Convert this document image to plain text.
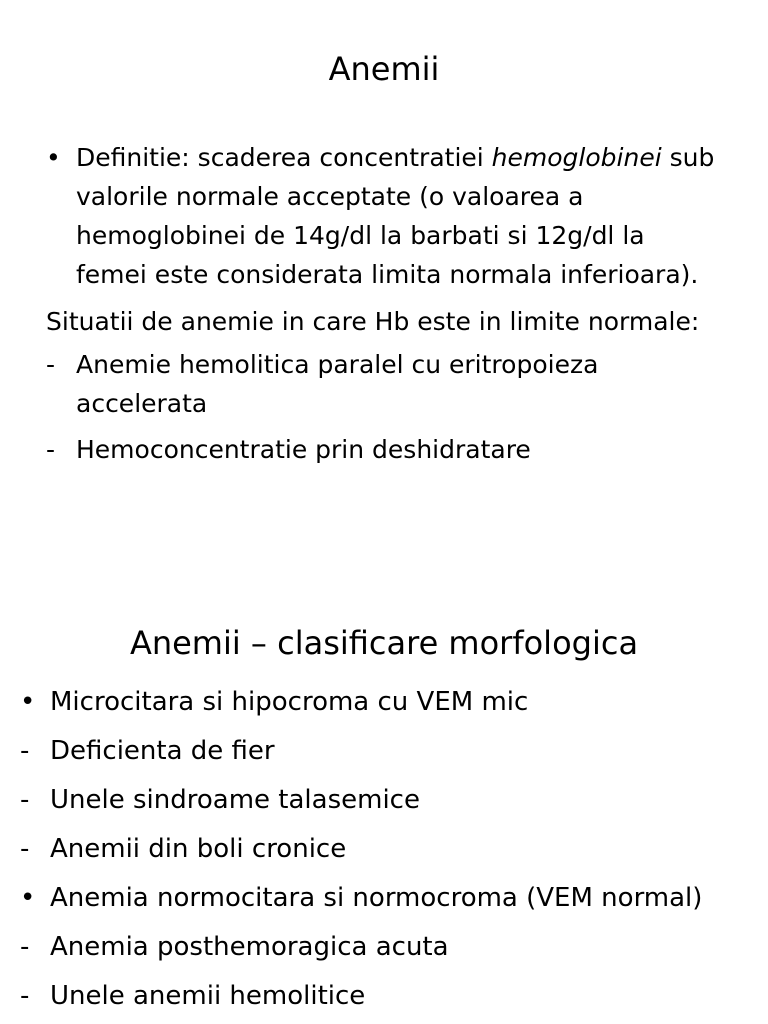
Anemii
• Definitie: scaderea concentratiei hemoglobinei sub
valorile normale acceptate (o valoarea a
hemoglobinei de 14g/dl la barbati si 12g/dl la
femei este considerata limita normala inferioara).
Situatii de anemie in care Hb este in limite normale:
- Anemie hemolitica paralel cu eritropoieza
accelerata
- Hemoconcentratie prin deshidratare
Anemii – clasificare morfologica
• Microcitara si hipocroma cu VEM mic
- Deficienta de fier
- Unele sindroame talasemice
- Anemii din boli cronice
• Anemia normocitara si normocroma (VEM normal)
- Anemia posthemoragica acuta
- Unele anemii hemolitice
